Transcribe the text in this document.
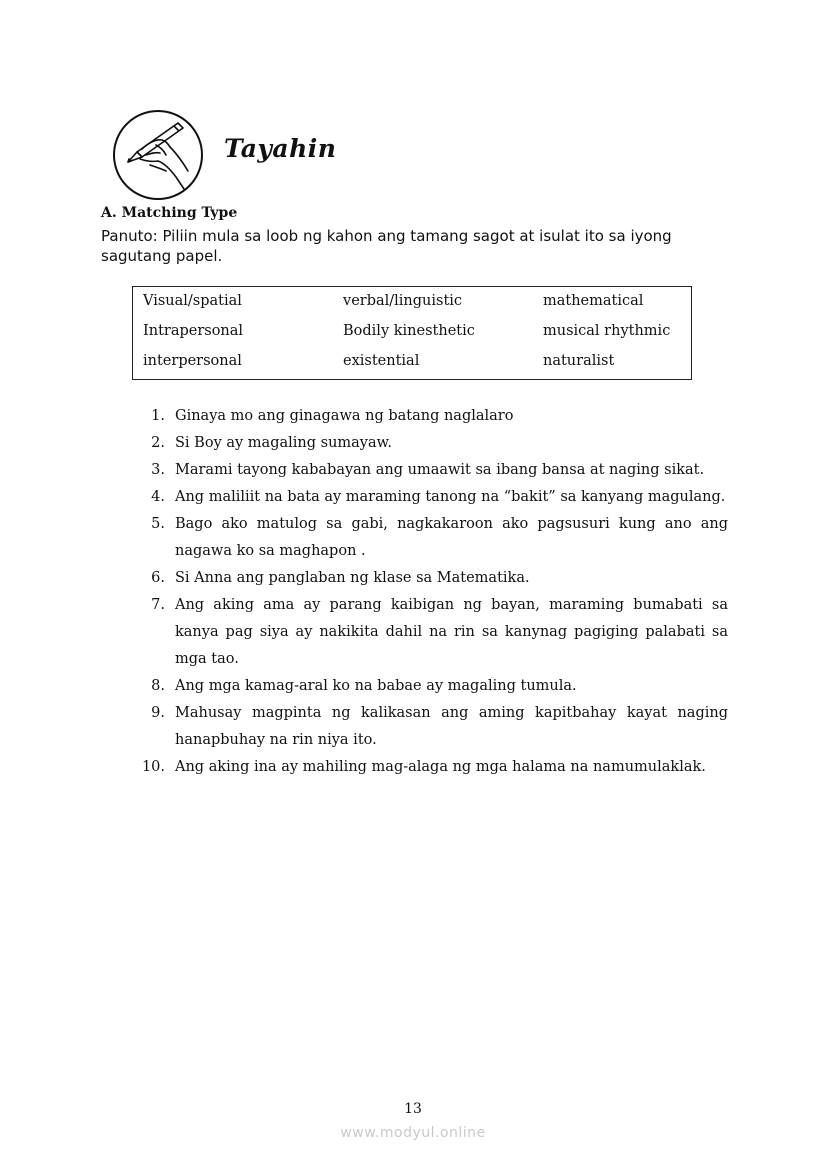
Tayahin
A. Matching Type
Panuto: Piliin mula sa loob ng kahon ang tamang sagot at isulat ito sa iyong sagutang papel.
Visual/spatial	verbal/linguistic	mathematical
Intrapersonal	Bodily kinesthetic	musical rhythmic
interpersonal	existential	naturalist
1. Ginaya mo ang ginagawa ng batang naglalaro
2. Si Boy ay magaling sumayaw.
3. Marami tayong kababayan ang umaawit sa ibang bansa at naging sikat.
4. Ang maliliit na bata ay maraming tanong na “bakit” sa kanyang magulang.
5. Bago ako matulog sa gabi, nagkakaroon ako pagsusuri kung ano ang nagawa ko sa maghapon .
6. Si Anna ang panglaban ng klase sa Matematika.
7. Ang aking ama ay parang kaibigan ng bayan, maraming bumabati sa kanya pag siya ay nakikita dahil na rin sa kanynag pagiging palabati sa mga tao.
8. Ang mga kamag-aral ko na babae ay magaling tumula.
9. Mahusay magpinta ng kalikasan ang aming kapitbahay kayat naging hanapbuhay na rin niya ito.
10. Ang aking ina ay mahiling mag-alaga ng mga halama na namumulaklak.
13
www.modyul.online
